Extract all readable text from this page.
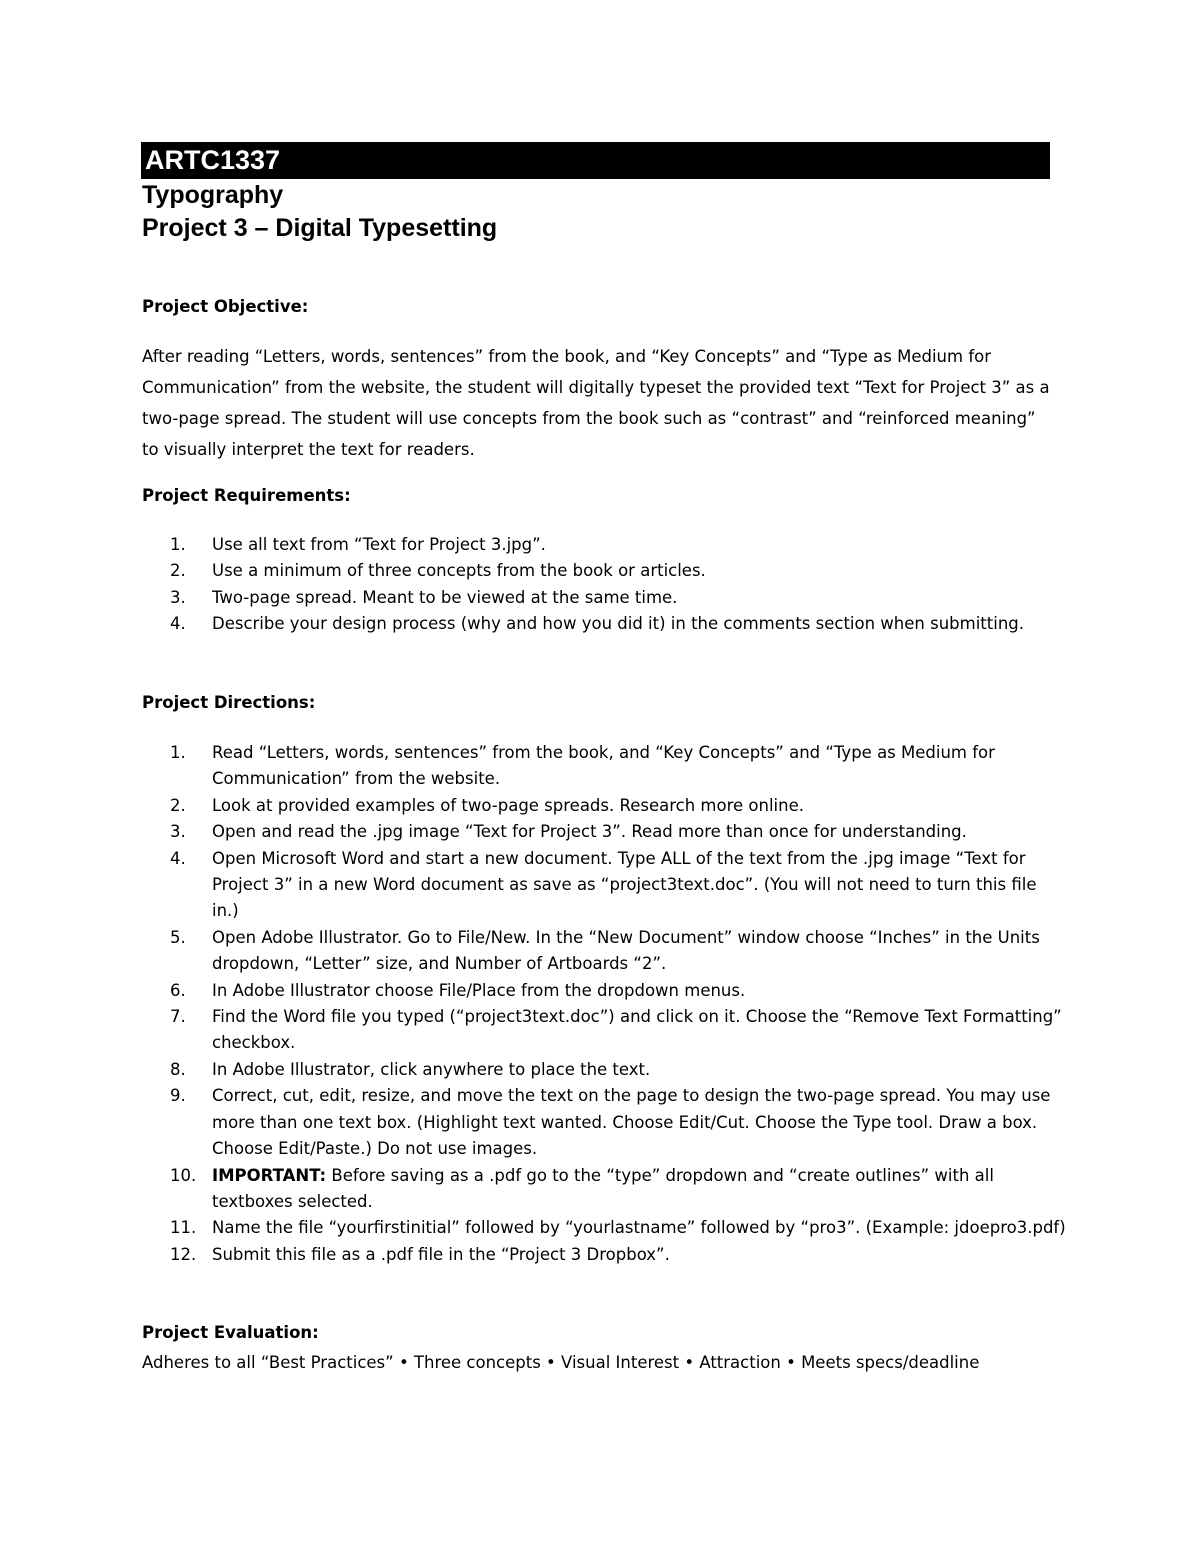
ARTC1337
Typography
Project 3 – Digital Typesetting
Project Objective:
After reading “Letters, words, sentences” from the book, and “Key Concepts” and “Type as Medium for Communication” from the website, the student will digitally typeset the provided text “Text for Project 3” as a two-page spread. The student will use concepts from the book such as “contrast” and “reinforced meaning” to visually interpret the text for readers.
Project Requirements:
1.	Use all text from “Text for Project 3.jpg”.
2.	Use a minimum of three concepts from the book or articles.
3.	Two-page spread. Meant to be viewed at the same time.
4.	Describe your design process (why and how you did it) in the comments section when submitting.
Project Directions:
1.	Read “Letters, words, sentences” from the book, and “Key Concepts” and “Type as Medium for Communication” from the website.
2.	Look at provided examples of two-page spreads. Research more online.
3.	Open and read the .jpg image “Text for Project 3”. Read more than once for understanding.
4.	Open Microsoft Word and start a new document. Type ALL of the text from the .jpg image “Text for Project 3” in a new Word document as save as “project3text.doc”. (You will not need to turn this file in.)
5.	Open Adobe Illustrator. Go to File/New. In the “New Document” window choose “Inches” in the Units dropdown, “Letter” size, and Number of Artboards “2”.
6.	In Adobe Illustrator choose File/Place from the dropdown menus.
7.	Find the Word file you typed (“project3text.doc”) and click on it. Choose the “Remove Text Formatting” checkbox.
8.	In Adobe Illustrator, click anywhere to place the text.
9.	Correct, cut, edit, resize, and move the text on the page to design the two-page spread. You may use more than one text box. (Highlight text wanted. Choose Edit/Cut. Choose the Type tool. Draw a box. Choose Edit/Paste.) Do not use images.
10. IMPORTANT: Before saving as a .pdf go to the “type” dropdown and “create outlines” with all textboxes selected.
11. Name the file “yourfirstinitial” followed by “yourlastname” followed by “pro3”. (Example: jdoepro3.pdf)
12. Submit this file as a .pdf file in the “Project 3 Dropbox”.
Project Evaluation:
Adheres to all “Best Practices” • Three concepts • Visual Interest • Attraction • Meets specs/deadline
